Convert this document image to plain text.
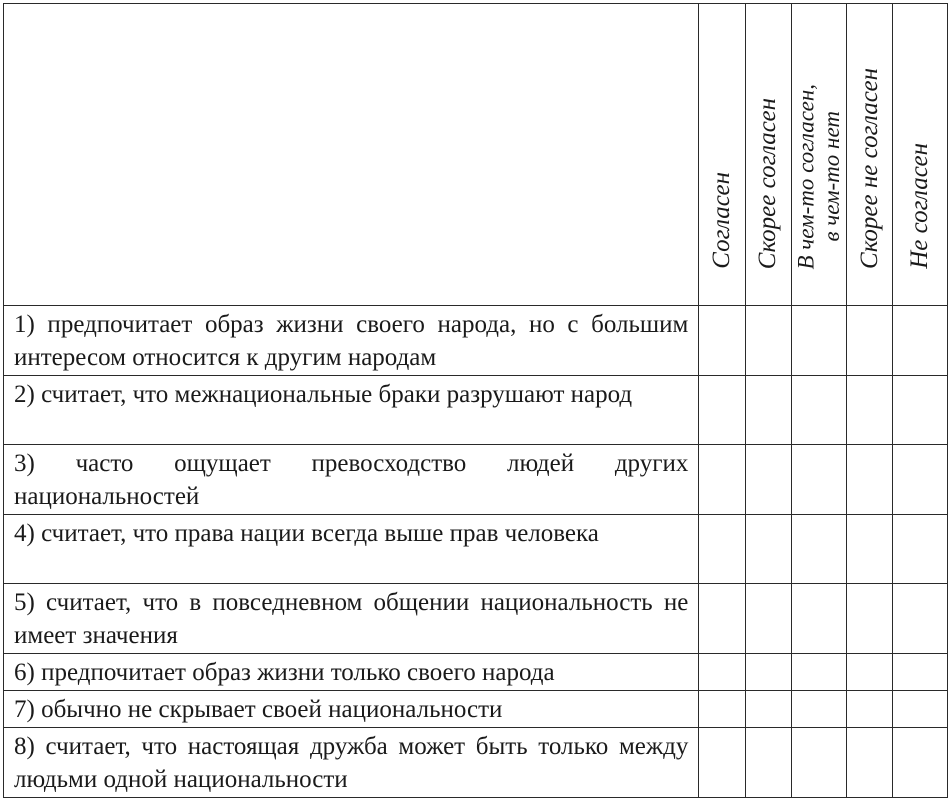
	Согласен	Скорее согласен	В чем-то согласен, в чем-то нет	Скорее не согласен	Не согласен

1) предпочитает образ жизни своего народа, но с большим интересом относится к другим народам					
2) считает, что межнациональные браки разрушают народ					
3) часто ощущает превосходство людей других национальностей					
4) считает, что права нации всегда выше прав человека					
5) считает, что в повседневном общении национальность не имеет значения					
6) предпочитает образ жизни только своего народа					
7) обычно не скрывает своей национальности					
8) считает, что настоящая дружба может быть только между людьми одной национальности					
